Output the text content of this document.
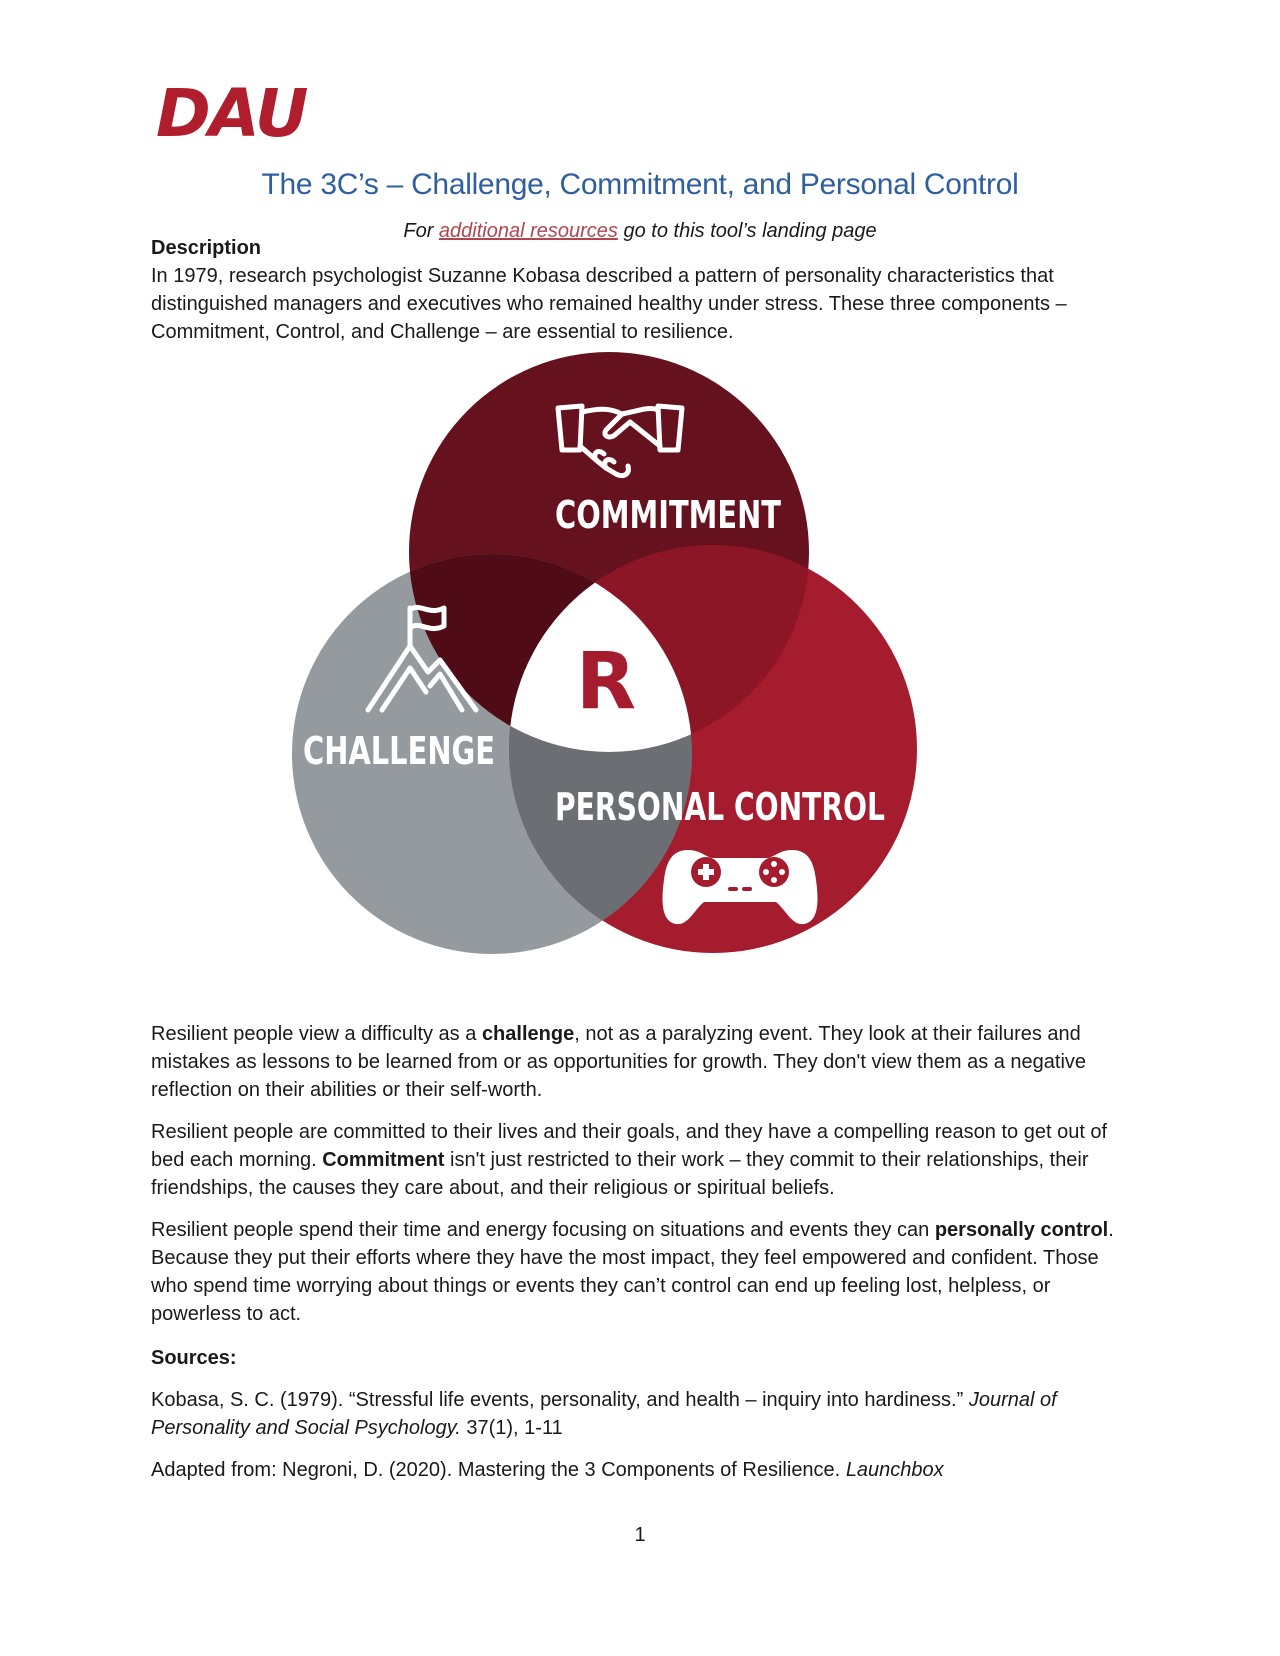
DAU
The 3C’s – Challenge, Commitment, and Personal Control
For additional resources go to this tool’s landing page
Description
In 1979, research psychologist Suzanne Kobasa described a pattern of personality characteristics that distinguished managers and executives who remained healthy under stress. These three components – Commitment, Control, and Challenge – are essential to resilience.
COMMITMENT
CHALLENGE
R
PERSONAL CONTROL

Resilient people view a difficulty as a challenge, not as a paralyzing event. They look at their failures and mistakes as lessons to be learned from or as opportunities for growth. They don't view them as a negative reflection on their abilities or their self-worth.

Resilient people are committed to their lives and their goals, and they have a compelling reason to get out of bed each morning. Commitment isn't just restricted to their work – they commit to their relationships, their friendships, the causes they care about, and their religious or spiritual beliefs.

Resilient people spend their time and energy focusing on situations and events they can personally control. Because they put their efforts where they have the most impact, they feel empowered and confident. Those who spend time worrying about things or events they can’t control can end up feeling lost, helpless, or powerless to act.

Sources:

Kobasa, S. C. (1979). “Stressful life events, personality, and health – inquiry into hardiness.” Journal of Personality and Social Psychology. 37(1), 1-11

Adapted from: Negroni, D. (2020). Mastering the 3 Components of Resilience. Launchbox

1
